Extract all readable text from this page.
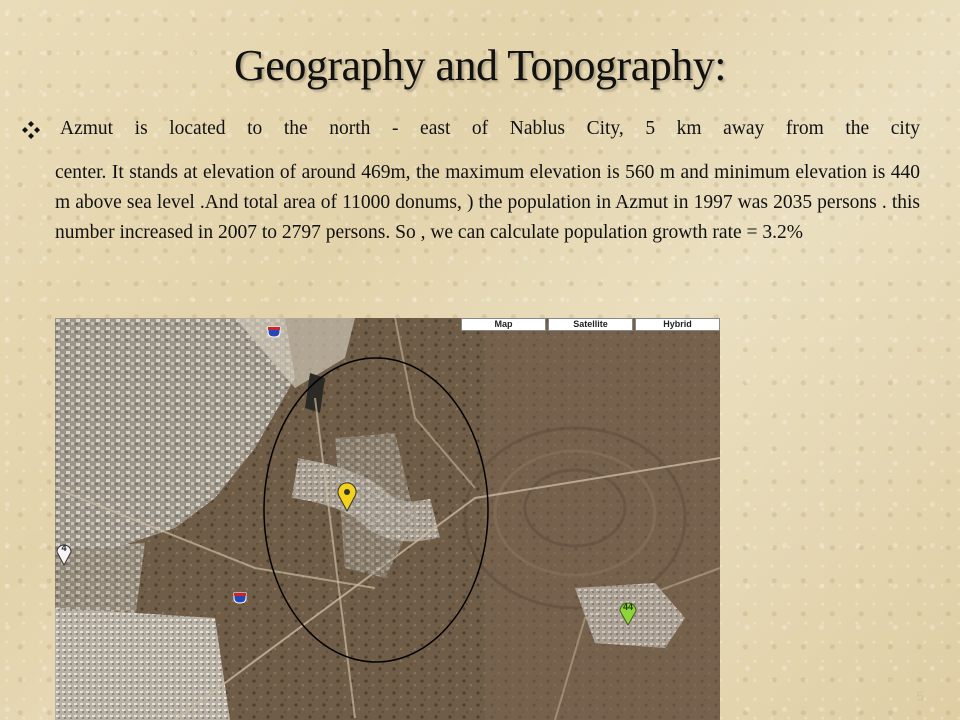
Geography and Topography:
Azmut is located to the north - east of Nablus City, 5 km away from the city
center. It stands at elevation of around 469m, the maximum elevation is 560 m and minimum elevation is 440 m above sea level .And total area of 11000 donums, ) the population in Azmut in 1997 was 2035 persons . this number increased in 2007 to 2797 persons. So , we can calculate population growth rate = 3.2%
Map	Satellite	Hybrid
44
4
5
